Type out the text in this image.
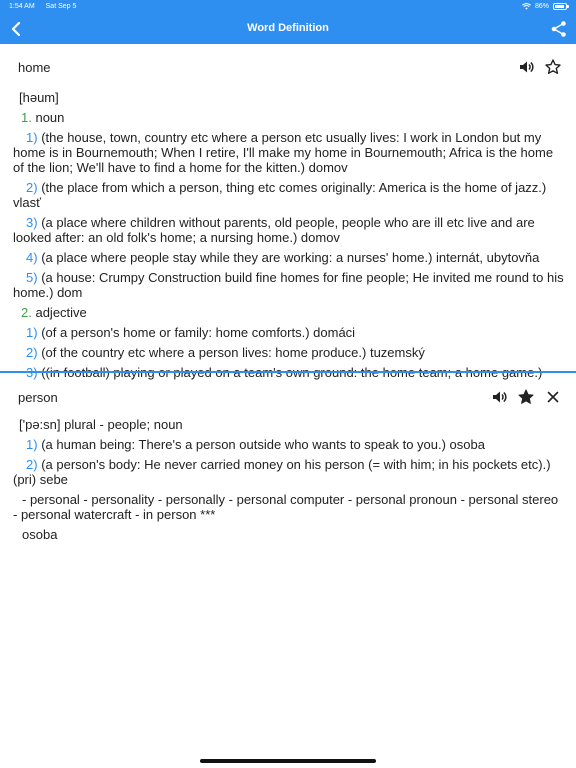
1:54 AM Sat Sep 5	86%
Word Definition
home
[həum]
1. noun
1) (the house, town, country etc where a person etc usually lives: I work in London but my home is in Bournemouth; When I retire, I'll make my home in Bournemouth; Africa is the home of the lion; We'll have to find a home for the kitten.) domov
2) (the place from which a person, thing etc comes originally: America is the home of jazz.) vlasť
3) (a place where children without parents, old people, people who are ill etc live and are looked after: an old folk's home; a nursing home.) domov
4) (a place where people stay while they are working: a nurses' home.) internát, ubytovňa
5) (a house: Crumpy Construction build fine homes for fine people; He invited me round to his home.) dom
2. adjective
1) (of a person's home or family: home comforts.) domáci
2) (of the country etc where a person lives: home produce.) tuzemský
person
['pə:sn] plural - people; noun
1) (a human being: There's a person outside who wants to speak to you.) osoba
2) (a person's body: He never carried money on his person (= with him; in his pockets etc).) (pri) sebe
- personal - personality - personally - personal computer - personal pronoun - personal stereo - personal watercraft - in person ***
osoba
